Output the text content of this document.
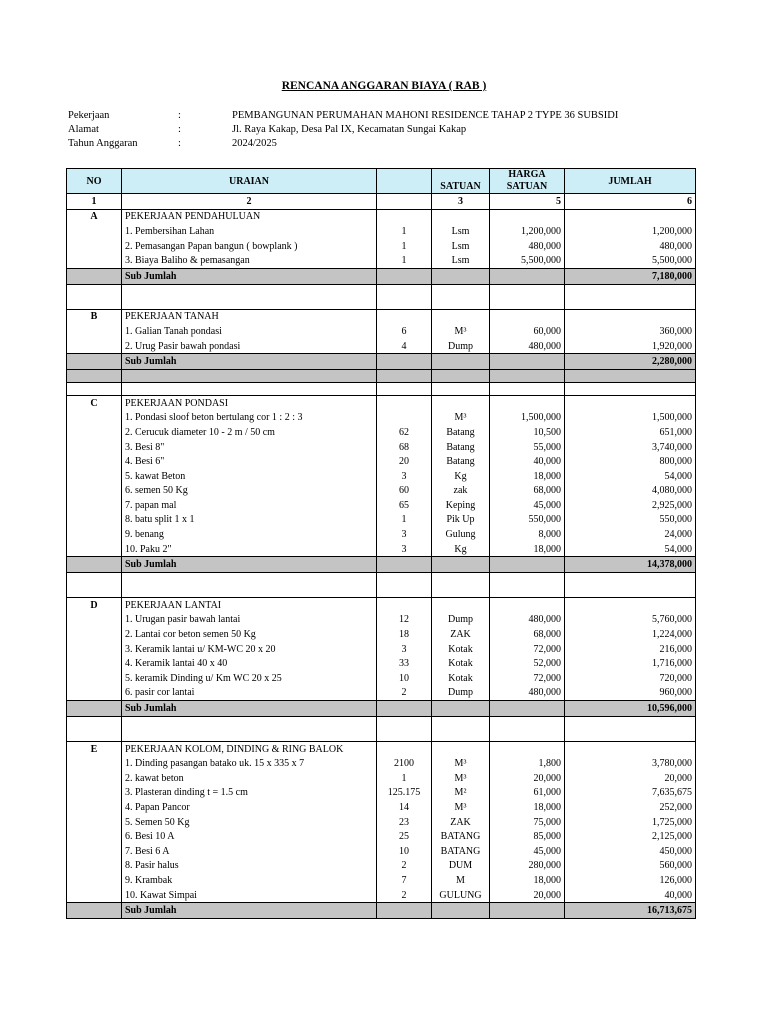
RENCANA ANGGARAN BIAYA ( RAB )
Pekerjaan	:	PEMBANGUNAN PERUMAHAN MAHONI RESIDENCE TAHAP 2 TYPE 36 SUBSIDI
Alamat	:	Jl. Raya Kakap, Desa Pal IX, Kecamatan Sungai Kakap
Tahun Anggaran	:	2024/2025
NO	URAIAN		SATUAN	HARGA SATUAN	JUMLAH
1	2		3	5	6
A	PEKERJAAN PENDAHULUAN				
	1. Pembersihan Lahan	1	Lsm	1,200,000	1,200,000
	2. Pemasangan Papan bangun ( bowplank )	1	Lsm	480,000	480,000
	3. Biaya Baliho & pemasangan	1	Lsm	5,500,000	5,500,000
	Sub Jumlah				7,180,000

B	PEKERJAAN TANAH				
	1. Galian Tanah pondasi	6	M³	60,000	360,000
	2. Urug Pasir bawah pondasi	4	Dump	480,000	1,920,000
	Sub Jumlah				2,280,000

C	PEKERJAAN PONDASI				
	1. Pondasi sloof beton bertulang cor 1 : 2 : 3		M³	1,500,000	1,500,000
	2. Cerucuk diameter 10 - 2 m / 50 cm	62	Batang	10,500	651,000
	3. Besi 8"	68	Batang	55,000	3,740,000
	4. Besi 6"	20	Batang	40,000	800,000
	5. kawat Beton	3	Kg	18,000	54,000
	6. semen 50 Kg	60	zak	68,000	4,080,000
	7. papan mal	65	Keping	45,000	2,925,000
	8. batu split 1 x 1	1	Pik Up	550,000	550,000
	9. benang	3	Gulung	8,000	24,000
	10. Paku 2"	3	Kg	18,000	54,000
	Sub Jumlah				14,378,000

D	PEKERJAAN LANTAI				
	1. Urugan pasir bawah lantai	12	Dump	480,000	5,760,000
	2. Lantai cor beton semen 50 Kg	18	ZAK	68,000	1,224,000
	3. Keramik lantai u/ KM-WC 20 x 20	3	Kotak	72,000	216,000
	4. Keramik lantai 40 x 40	33	Kotak	52,000	1,716,000
	5. keramik Dinding u/ Km WC 20 x 25	10	Kotak	72,000	720,000
	6. pasir cor lantai	2	Dump	480,000	960,000
	Sub Jumlah				10,596,000

E	PEKERJAAN KOLOM, DINDING & RING BALOK				
	1. Dinding pasangan batako uk. 15 x 335 x 7	2100	M³	1,800	3,780,000
	2. kawat beton	1	M³	20,000	20,000
	3. Plasteran dinding t = 1.5 cm	125.175	M²	61,000	7,635,675
	4. Papan Pancor	14	M³	18,000	252,000
	5. Semen 50 Kg	23	ZAK	75,000	1,725,000
	6. Besi 10 A	25	BATANG	85,000	2,125,000
	7. Besi 6 A	10	BATANG	45,000	450,000
	8. Pasir halus	2	DUM	280,000	560,000
	9. Krambak	7	M	18,000	126,000
	10. Kawat Simpai	2	GULUNG	20,000	40,000
	Sub Jumlah				16,713,675
